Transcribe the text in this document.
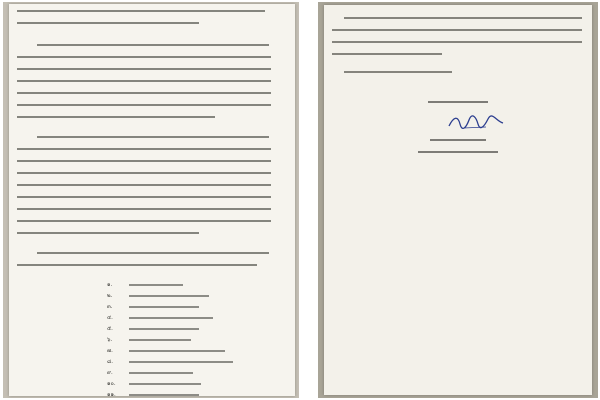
๑.
๒.
๓.
๔.
๕.
๖.
๗.
๘.
๙.
๑๐.
๑๑.
